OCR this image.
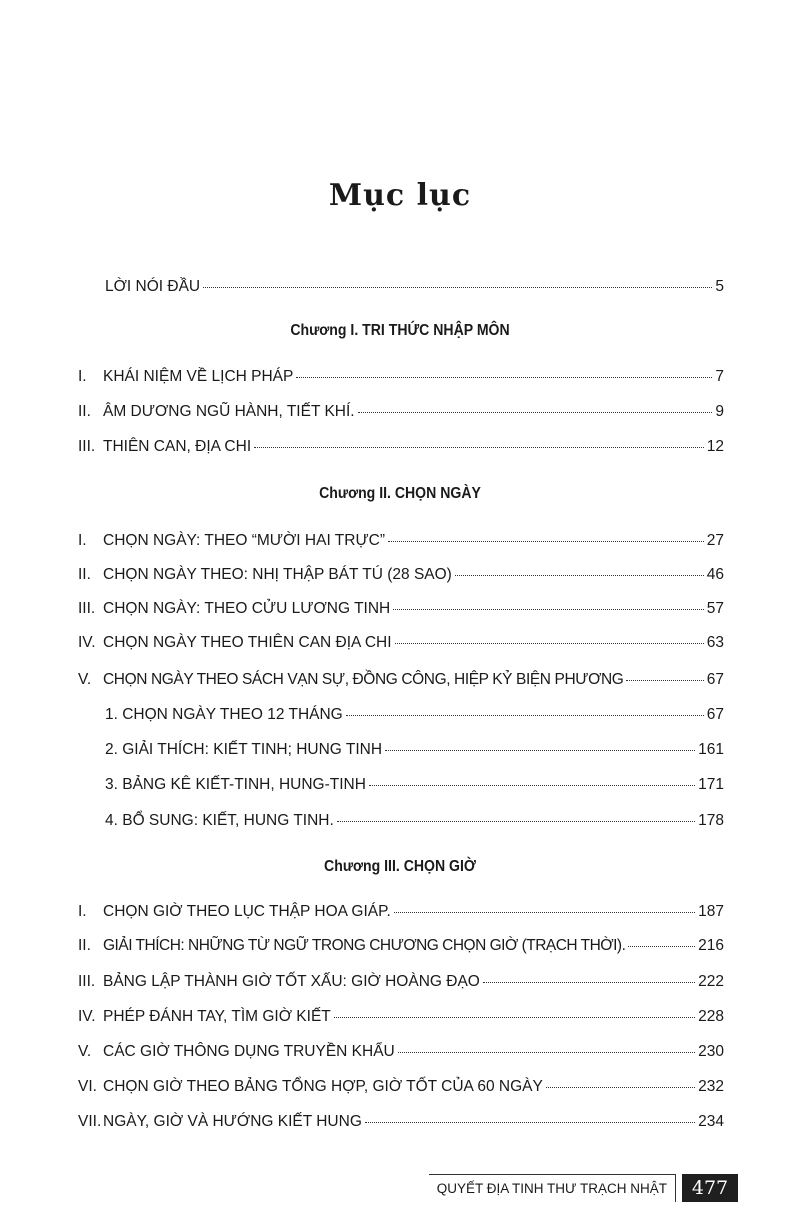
Mục lục
LỜI NÓI ĐẦU	5
Chương I. TRI THỨC NHẬP MÔN
I.	KHÁI NIỆM VỀ LỊCH PHÁP	7
II. ÂM DƯƠNG NGŨ HÀNH, TIẾT KHÍ.	9
III. THIÊN CAN, ĐỊA CHI	12
Chương II. CHỌN NGÀY
I.	CHỌN NGÀY: THEO “MƯỜI HAI TRỰC”	27
II. CHỌN NGÀY THEO: NHỊ THẬP BÁT TÚ (28 SAO)	46
III. CHỌN NGÀY: THEO CỬU LƯƠNG TINH	57
IV. CHỌN NGÀY THEO THIÊN CAN ĐỊA CHI	63
V. CHỌN NGÀY THEO SÁCH VẠN SỰ, ĐỒNG CÔNG, HIỆP KỶ BIỆN PHƯƠNG	67
1. CHỌN NGÀY THEO 12 THÁNG	67
2. GIẢI THÍCH: KIẾT TINH; HUNG TINH	161
3. BẢNG KÊ KIẾT-TINH, HUNG-TINH	171
4. BỔ SUNG: KIẾT, HUNG TINH.	178
Chương III. CHỌN GIỜ
I.	CHỌN GIỜ THEO LỤC THẬP HOA GIÁP.	187
II. GIẢI THÍCH: NHỮNG TỪ NGỮ TRONG CHƯƠNG CHỌN GIỜ (TRẠCH THỜI).	216
III. BẢNG LẬP THÀNH GIỜ TỐT XẤU: GIỜ HOÀNG ĐẠO	222
IV. PHÉP ĐÁNH TAY, TÌM GIỜ KIẾT	228
V. CÁC GIỜ THÔNG DỤNG TRUYỀN KHẨU	230
VI. CHỌN GIỜ THEO BẢNG TỔNG HỢP, GIỜ TỐT CỦA 60 NGÀY	232
VII. NGÀY, GIỜ VÀ HƯỚNG KIẾT HUNG	234
QUYẾT ĐỊA TINH THƯ TRẠCH NHẬT	477
